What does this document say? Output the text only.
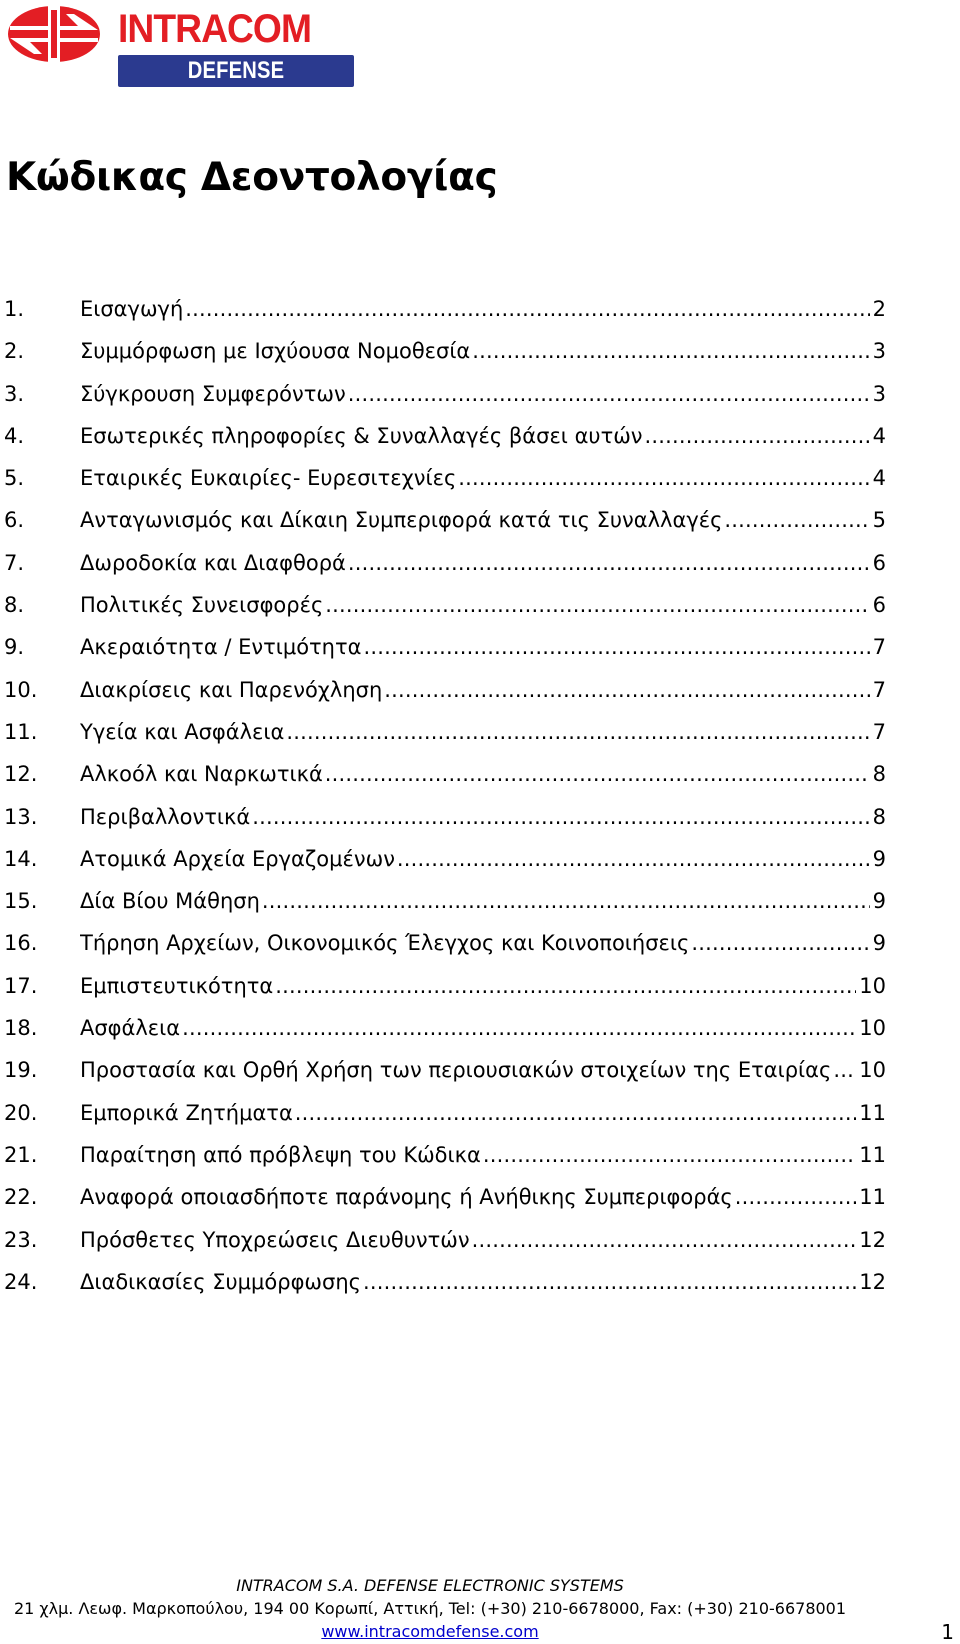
INTRACOM
DEFENSE ELECTRONICS
Κώδικας Δεοντολογίας
1.	Εισαγωγή .....	2
2.	Συμμόρφωση με Ισχύουσα Νομοθεσία .....	3
3.	Σύγκρουση Συμφερόντων .....	3
4.	Εσωτερικές πληροφορίες & Συναλλαγές βάσει αυτών .....	4
5.	Εταιρικές Ευκαιρίες- Ευρεσιτεχνίες .....	4
6.	Ανταγωνισμός και Δίκαιη Συμπεριφορά κατά τις Συναλλαγές .....	5
7.	Δωροδοκία και Διαφθορά .....	6
8.	Πολιτικές Συνεισφορές .....	6
9.	Ακεραιότητα / Εντιμότητα .....	7
10. Διακρίσεις και Παρενόχληση .....	7
11. Υγεία και Ασφάλεια .....	7
12. Αλκοόλ και Ναρκωτικά .....	8
13. Περιβαλλοντικά .....	8
14. Ατομικά Αρχεία Εργαζομένων .....	9
15. Δία Βίου Μάθηση .....	9
16. Τήρηση Αρχείων, Οικονομικός Έλεγχος και Κοινοποιήσεις .....	9
17. Εμπιστευτικότητα .....	10
18. Ασφάλεια .....	10
19. Προστασία και Ορθή Χρήση των περιουσιακών στοιχείων της Εταιρίας ..... 10
20. Εμπορικά Ζητήματα .....	11
21. Παραίτηση από πρόβλεψη του Κώδικα .....	11
22. Αναφορά οποιασδήποτε παράνομης ή Ανήθικης Συμπεριφοράς .....	11
23. Πρόσθετες Υποχρεώσεις Διευθυντών .....	12
24. Διαδικασίες Συμμόρφωσης .....	12
INTRACOM S.A. DEFENSE ELECTRONIC SYSTEMS
21 χλμ. Λεωφ. Μαρκοπούλου, 194 00 Κορωπί, Αττική, Tel: (+30) 210-6678000, Fax: (+30) 210-6678001
www.intracomdefense.com	1
